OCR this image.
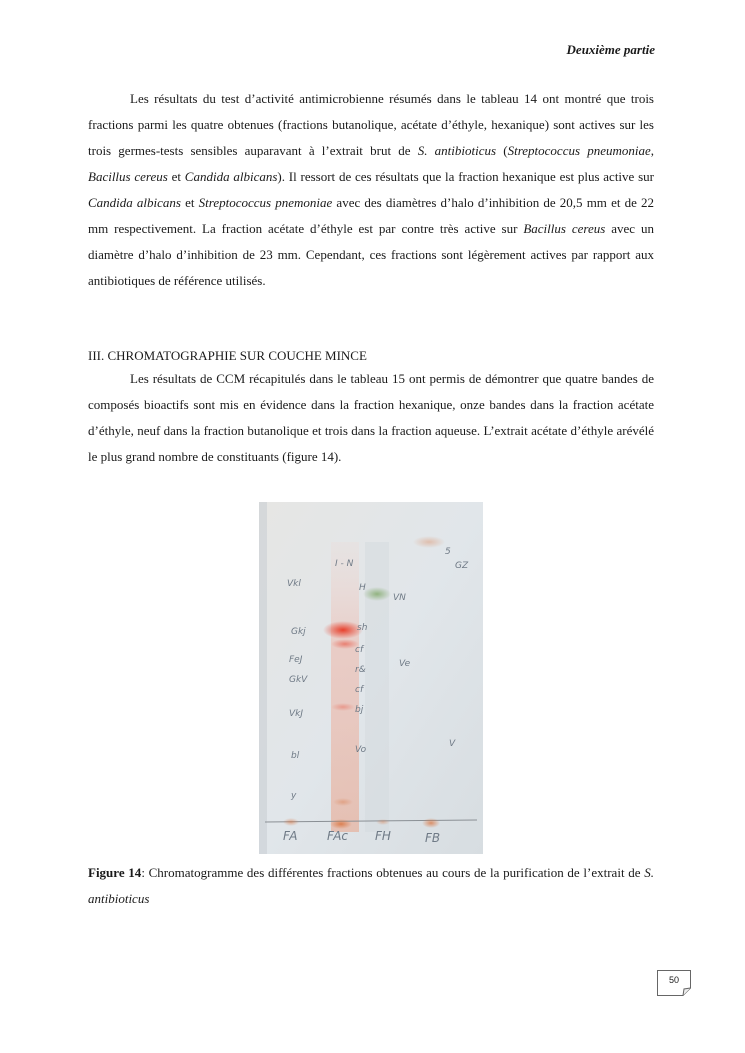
Deuxième partie
Les résultats du test d’activité antimicrobienne résumés dans le tableau 14 ont montré que trois fractions parmi les quatre obtenues (fractions butanolique, acétate d’éthyle, hexanique) sont actives sur les trois germes-tests sensibles auparavant à l’extrait brut de S. antibioticus (Streptococcus pneumoniae, Bacillus cereus et Candida albicans). Il ressort de ces résultats que la fraction hexanique est plus active sur Candida albicans et Streptococcus pnemoniae avec des diamètres d’halo d’inhibition de 20,5 mm et de 22 mm respectivement. La fraction acétate d’éthyle est par contre très active sur Bacillus cereus avec un diamètre d’halo d’inhibition de 23 mm. Cependant, ces fractions sont légèrement actives par rapport aux antibiotiques de référence utilisés.
III. CHROMATOGRAPHIE SUR COUCHE MINCE
Les résultats de CCM récapitulés dans le tableau 15 ont permis de démontrer que quatre bandes de composés bioactifs sont mis en évidence dans la fraction hexanique, onze bandes dans la fraction acétate d’éthyle, neuf dans la fraction butanolique et trois dans la fraction aqueuse. L’extrait acétate d’éthyle arévélé le plus grand nombre de constituants (figure 14).
Vkl
Gkj
FeJ
GkV
VkJ
bl
y
sh
cf
r&
cf
bj
Vo
H
VN
Ve
5
GZ
V
I - N
FA FAc FH	FB
Figure 14: Chromatogramme des différentes fractions obtenues au cours de la purification de l’extrait de S. antibioticus
50
